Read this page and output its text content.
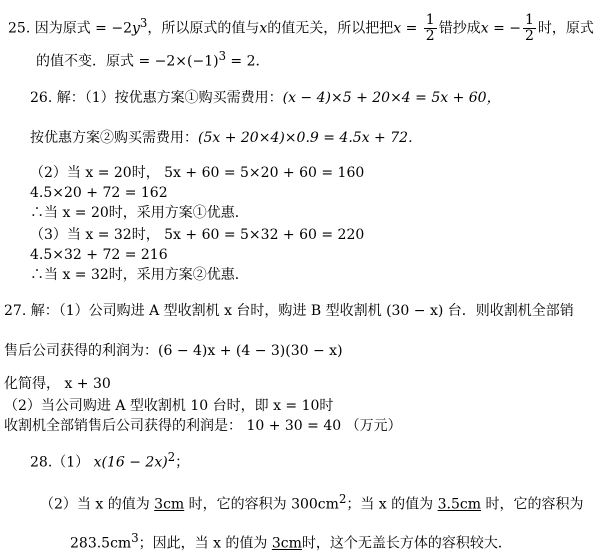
25. 因为原式 = $-2y^3$，所以原式的值与x的值无关，所以把把$x = \frac{1}{2}$ 错抄成x = − $\frac{1}{2}$ 时，原式
的值不变．原式 = $-2\times(-1)^3 = 2$．
26. 解：（1）按优惠方案①购买需费用：(x − 4)×5 + 20×4 = 5x + 60，
按优惠方案②购买需费用：(5x + 20×4)×0.9 = 4.5x + 72．
（2）当 x = 20时， 5x + 60 = 5×20 + 60 = 160
4.5×20 + 72 = 162
∴当 x = 20时，采用方案①优惠．
（3）当 x = 32时， 5x + 60 = 5×32 + 60 = 220
4.5×32 + 72 = 216
∴当 x = 32时，采用方案②优惠．
27. 解：（1）公司购进 A 型收割机 x 台时，购进 B 型收割机 (30 − x) 台．则收割机全部销
售后公司获得的利润为：(6 − 4)x + (4 − 3)(30 − x)
化简得， x + 30
（2）当公司购进 A 型收割机 10 台时，即 x = 10时
收割机全部销售后公司获得的利润是： 10 + 30 = 40 （万元）
28.（1） $x(16 - 2x)^2$；
（2）当 x 的值为 3cm 时，它的容积为 $300cm^2$；当 x 的值为 3.5cm 时，它的容积为
$283.5cm^3$；因此，当 x 的值为 3cm时，这个无盖长方体的容积较大．
